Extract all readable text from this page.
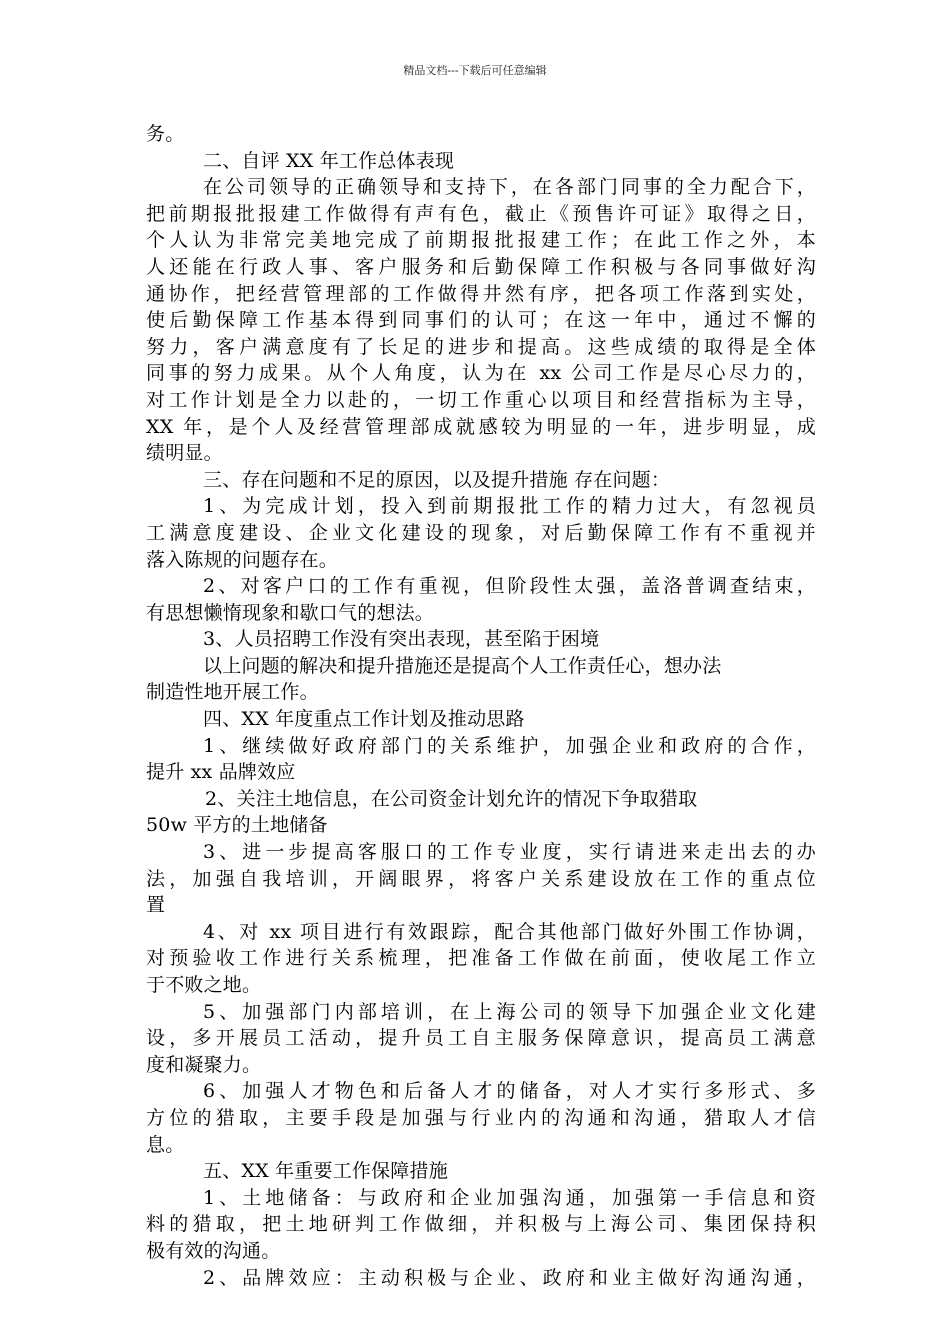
精品文档---下载后可任意编辑
务。
二、自评 XX 年工作总体表现
在公司领导的正确领导和支持下，在各部门同事的全力配合下，
把前期报批报建工作做得有声有色，截止《预售许可证》取得之日，
个人认为非常完美地完成了前期报批报建工作；在此工作之外，本
人还能在行政人事、客户服务和后勤保障工作积极与各同事做好沟
通协作，把经营管理部的工作做得井然有序，把各项工作落到实处，
使后勤保障工作基本得到同事们的认可；在这一年中，通过不懈的
努力，客户满意度有了长足的进步和提高。这些成绩的取得是全体
同事的努力成果。从个人角度，认为在 xx 公司工作是尽心尽力的，
对工作计划是全力以赴的，一切工作重心以项目和经营指标为主导，
XX 年，是个人及经营管理部成就感较为明显的一年，进步明显，成
绩明显。
三、存在问题和不足的原因，以及提升措施 存在问题：
1、为完成计划，投入到前期报批工作的精力过大，有忽视员
工满意度建设、企业文化建设的现象，对后勤保障工作有不重视并
落入陈规的问题存在。
2、对客户口的工作有重视，但阶段性太强，盖洛普调查结束，
有思想懒惰现象和歇口气的想法。
3、人员招聘工作没有突出表现，甚至陷于困境
以上问题的解决和提升措施还是提高个人工作责任心，想办法
制造性地开展工作。
四、XX 年度重点工作计划及推动思路
1、继续做好政府部门的关系维护，加强企业和政府的合作，
提升 xx 品牌效应
2、关注土地信息，在公司资金计划允许的情况下争取猎取
50w 平方的土地储备
3、进一步提高客服口的工作专业度，实行请进来走出去的办
法，加强自我培训，开阔眼界，将客户关系建设放在工作的重点位
置
4、对 xx 项目进行有效跟踪，配合其他部门做好外围工作协调，
对预验收工作进行关系梳理，把准备工作做在前面，使收尾工作立
于不败之地。
5、加强部门内部培训，在上海公司的领导下加强企业文化建
设，多开展员工活动，提升员工自主服务保障意识，提高员工满意
度和凝聚力。
6、加强人才物色和后备人才的储备，对人才实行多形式、多
方位的猎取，主要手段是加强与行业内的沟通和沟通，猎取人才信
息。
五、XX 年重要工作保障措施
1、土地储备：与政府和企业加强沟通，加强第一手信息和资
料的猎取，把土地研判工作做细，并积极与上海公司、集团保持积
极有效的沟通。
2、品牌效应：主动积极与企业、政府和业主做好沟通沟通，
